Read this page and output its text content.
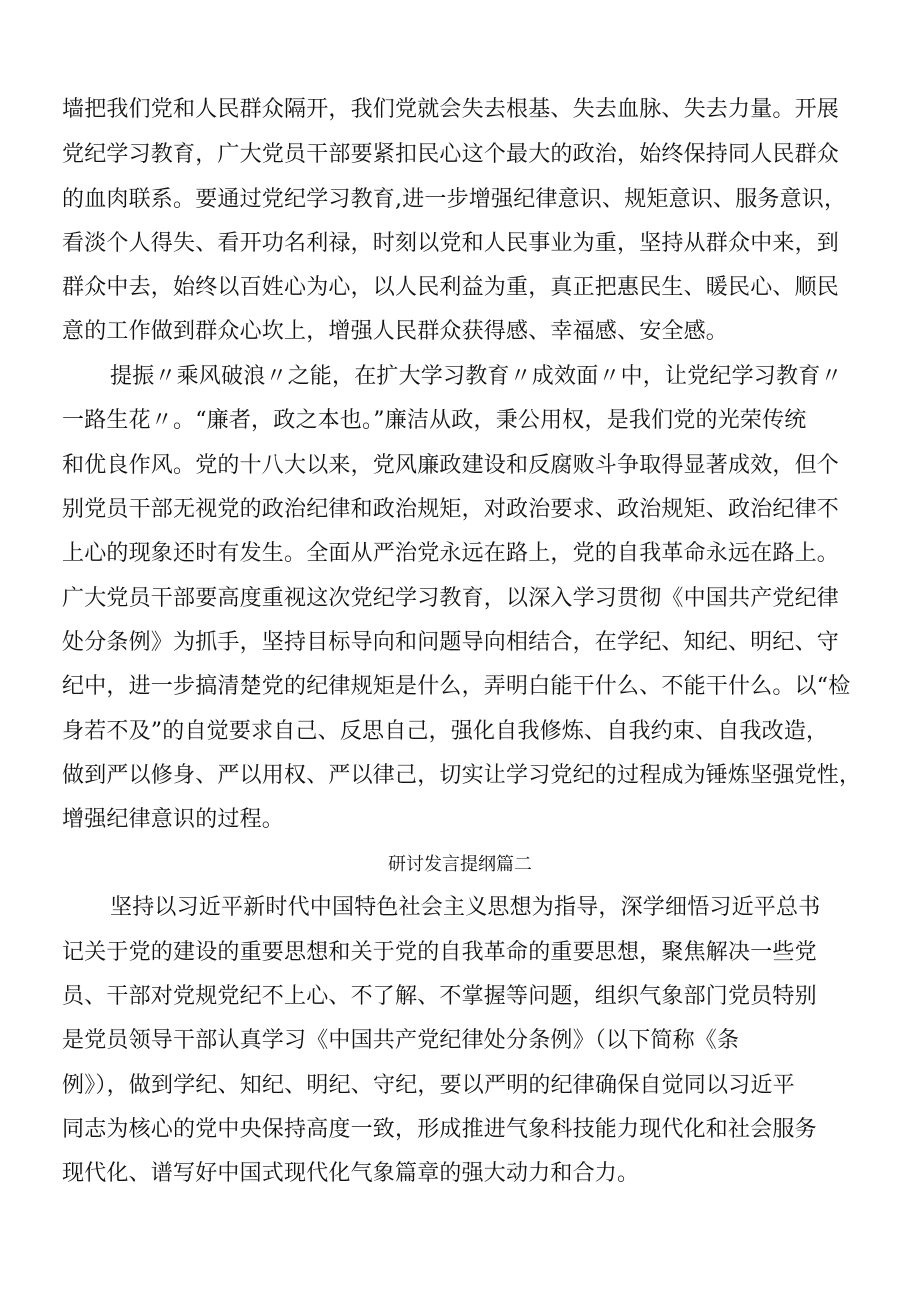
墙把我们党和人民群众隔开，我们党就会失去根基、失去血脉、失去力量。开展

党纪学习教育，广大党员干部要紧扣民心这个最大的政治，始终保持同人民群众

的血肉联系。要通过党纪学习教育,进一步增强纪律意识、规矩意识、服务意识，

看淡个人得失、看开功名利禄，时刻以党和人民事业为重，坚持从群众中来，到

群众中去，始终以百姓心为心，以人民利益为重，真正把惠民生、暖民心、顺民

意的工作做到群众心坎上，增强人民群众获得感、幸福感、安全感。

提振〃乘风破浪〃之能，在扩大学习教育〃成效面〃中，让党纪学习教育〃

一路生花〃。“廉者，政之本也。”廉洁从政，秉公用权，是我们党的光荣传统

和优良作风。党的十八大以来，党风廉政建设和反腐败斗争取得显著成效，但个

别党员干部无视党的政治纪律和政治规矩，对政治要求、政治规矩、政治纪律不

上心的现象还时有发生。全面从严治党永远在路上，党的自我革命永远在路上。

广大党员干部要高度重视这次党纪学习教育，以深入学习贯彻《中国共产党纪律

处分条例》为抓手，坚持目标导向和问题导向相结合，在学纪、知纪、明纪、守

纪中，进一步搞清楚党的纪律规矩是什么，弄明白能干什么、不能干什么。以“检

身若不及”的自觉要求自己、反思自己，强化自我修炼、自我约束、自我改造，

做到严以修身、严以用权、严以律己，切实让学习党纪的过程成为锤炼坚强党性，

增强纪律意识的过程。

研讨发言提纲篇二

坚持以习近平新时代中国特色社会主义思想为指导，深学细悟习近平总书

记关于党的建设的重要思想和关于党的自我革命的重要思想，聚焦解决一些党

员、干部对党规党纪不上心、不了解、不掌握等问题，组织气象部门党员特别

是党员领导干部认真学习《中国共产党纪律处分条例》（以下简称《条

例》），做到学纪、知纪、明纪、守纪，要以严明的纪律确保自觉同以习近平

同志为核心的党中央保持高度一致，形成推进气象科技能力现代化和社会服务

现代化、谱写好中国式现代化气象篇章的强大动力和合力。
